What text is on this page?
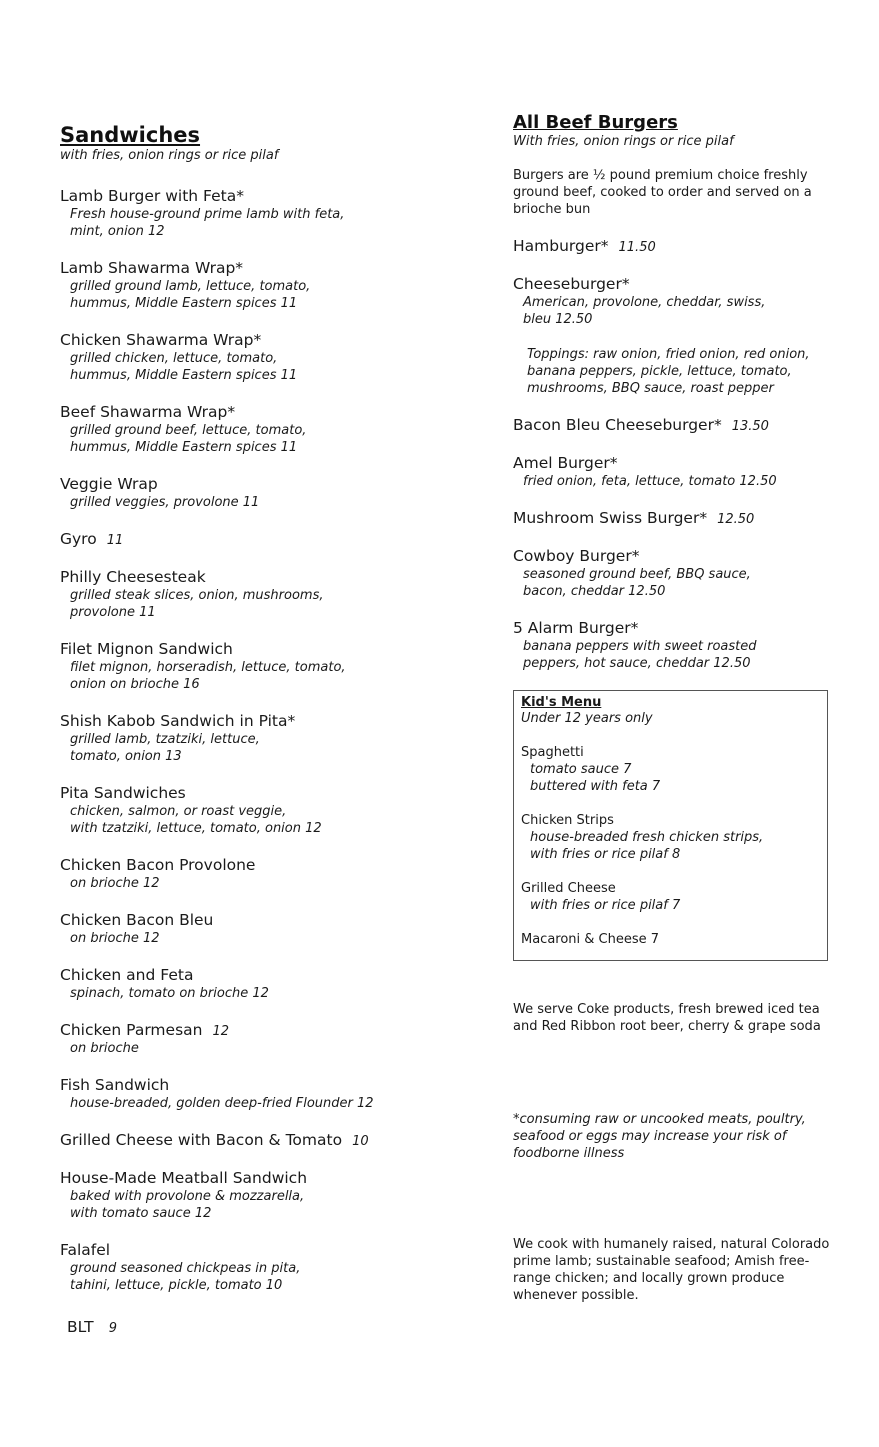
Sandwiches
with fries, onion rings or rice pilaf
Lamb Burger with Feta*
Fresh house-ground prime lamb with feta,
mint, onion 12
Lamb Shawarma Wrap*
grilled ground lamb, lettuce, tomato,
hummus, Middle Eastern spices 11
Chicken Shawarma Wrap*
grilled chicken, lettuce, tomato,
hummus, Middle Eastern spices 11
Beef Shawarma Wrap*
grilled ground beef, lettuce, tomato,
hummus, Middle Eastern spices 11
Veggie Wrap
grilled veggies, provolone 11
Gyro 11
Philly Cheesesteak
grilled steak slices, onion, mushrooms,
provolone 11
Filet Mignon Sandwich
filet mignon, horseradish, lettuce, tomato,
onion on brioche 16
Shish Kabob Sandwich in Pita*
grilled lamb, tzatziki, lettuce,
tomato, onion 13
Pita Sandwiches
chicken, salmon, or roast veggie,
with tzatziki, lettuce, tomato, onion 12
Chicken Bacon Provolone
on brioche 12
Chicken Bacon Bleu
on brioche 12
Chicken and Feta
spinach, tomato on brioche 12
Chicken Parmesan 12
on brioche
Fish Sandwich
house-breaded, golden deep-fried Flounder 12
Grilled Cheese with Bacon & Tomato 10
House-Made Meatball Sandwich
baked with provolone & mozzarella,
with tomato sauce 12
Falafel
ground seasoned chickpeas in pita,
tahini, lettuce, pickle, tomato 10
BLT 9
All Beef Burgers
With fries, onion rings or rice pilaf
Burgers are ½ pound premium choice freshly ground beef, cooked to order and served on a brioche bun
Hamburger* 11.50
Cheeseburger*
American, provolone, cheddar, swiss,
bleu 12.50
Toppings: raw onion, fried onion, red onion, banana peppers, pickle, lettuce, tomato, mushrooms, BBQ sauce, roast pepper
Bacon Bleu Cheeseburger* 13.50
Amel Burger*
fried onion, feta, lettuce, tomato 12.50
Mushroom Swiss Burger* 12.50
Cowboy Burger*
seasoned ground beef, BBQ sauce,
bacon, cheddar 12.50
5 Alarm Burger*
banana peppers with sweet roasted
peppers, hot sauce, cheddar 12.50
Kid's Menu
Under 12 years only
Spaghetti
tomato sauce 7
buttered with feta 7
Chicken Strips
house-breaded fresh chicken strips,
with fries or rice pilaf 8
Grilled Cheese
with fries or rice pilaf 7
Macaroni & Cheese 7
We serve Coke products, fresh brewed iced tea and Red Ribbon root beer, cherry & grape soda
*consuming raw or uncooked meats, poultry, seafood or eggs may increase your risk of foodborne illness
We cook with humanely raised, natural Colorado prime lamb; sustainable seafood; Amish free-range chicken; and locally grown produce whenever possible.
